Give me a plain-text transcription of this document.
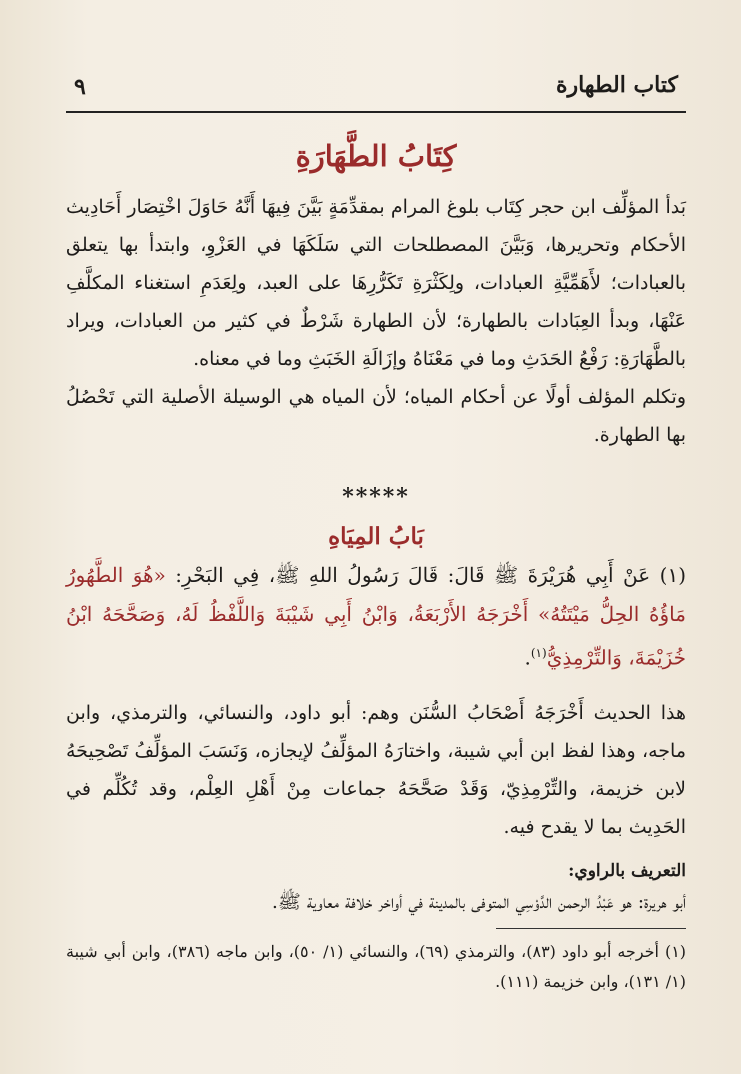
٩	كتاب الطهارة
كِتَابُ الطَّهَارَةِ

بَدأ المؤلِّف ابن حجر كِتَاب بلوغ المرام بمقدِّمَةٍ بَيَّنَ فِيهَا أَنَّهُ حَاوَلَ اخْتِصَار أَحَادِيث الأحكام وتحريرها، وَبَيَّنَ المصطلحات التي سَلَكَهَا في العَزْوِ، وابتدأ بها يتعلق بالعبادات؛ لأَهَمِّيَّةِ العبادات، ولِكَثْرَةِ تَكَرُّرِهَا على العبد، ولِعَدَمِ استغناء المكلَّفِ عَنْهَا، وبدأ العِبَادات بالطهارة؛ لأن الطهارة شَرْطٌ في كثير من العبادات، ويراد بالطَّهَارَةِ: رَفْعُ الحَدَثِ وما في مَعْنَاهُ وإزَالَةِ الخَبَثِ وما في معناه.

وتكلم المؤلف أولًا عن أحكام المياه؛ لأن المياه هي الوسيلة الأصلية التي تَحْصُلُ بها الطهارة.

*****
بَابُ المِيَاهِ

(١) عَنْ أَبِي هُرَيْرَةَ ﷺ قَالَ: قَالَ رَسُولُ اللهِ ﷺ، فِي البَحْرِ: «هُوَ الطَّهُورُ مَاؤُهُ الحِلُّ مَيْتَتُهُ» أَخْرَجَهُ الأَرْبَعَةُ، وَابْنُ أَبِي شَيْبَةَ وَاللَّفْظُ لَهُ، وَصَحَّحَهُ ابْنُ خُزَيْمَةَ، وَالتِّرْمِذِيُّ$^{(١)}$.

هذا الحديث أَخْرَجَهُ أَصْحَابُ السُّنَن وهم: أبو داود، والنسائي، والترمذي، وابن ماجه، وهذا لفظ ابن أبي شيبة، واختارَهُ المؤلِّفُ لإيجازه، وَنَسَبَ المؤلِّفُ تَصْحِيحَهُ لابن خزيمة، والتِّرْمِذِيّ، وَقَدْ صَحَّحَهُ جماعات مِنْ أَهْلِ العِلْم، وقد تُكُلِّم في الحَدِيث بما لا يقدح فيه.

التعريف بالراوي:

أبو هريرة: هو عَبْدُ الرحمن الدَّوْسِي المتوفى بالمدينة في أواخر خلافة معاوية ﷺ.

(١) أخرجه أبو داود (٨٣)، والترمذي (٦٩)، والنسائي (١/ ٥٠)، وابن ماجه (٣٨٦)، وابن أبي شيبة (١/ ١٣١)، وابن خزيمة (١١١).
